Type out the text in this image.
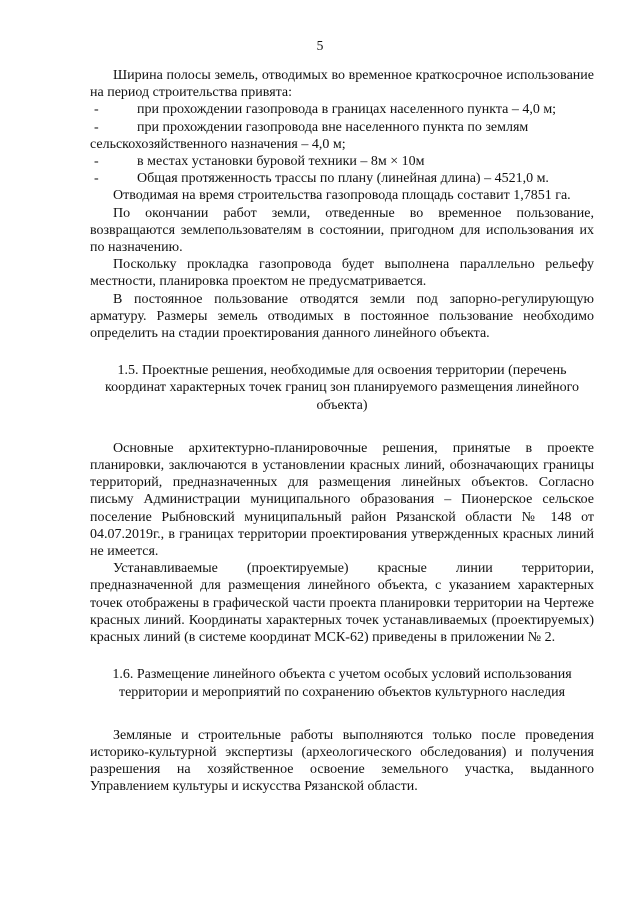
5

Ширина полосы земель, отводимых во временное краткосрочное использование на период строительства привята:

-	при прохождении газопровода в границах населенного пункта – 4,0 м;
-	при прохождении газопровода вне населенного пункта по землям

сельскохозяйственного назначения – 4,0 м;

-	в местах установки буровой техники – 8м × 10м
-	Общая протяженность трассы по плану (линейная длина) – 4521,0 м.

Отводимая на время строительства газопровода площадь составит 1,7851 га.

По окончании работ земли, отведенные во временное пользование, возвращаются землепользователям в состоянии, пригодном для использования их по назначению.

Поскольку прокладка газопровода будет выполнена параллельно рельефу местности, планировка проектом не предусматривается.

В постоянное пользование отводятся земли под запорно-регулирующую арматуру. Размеры земель отводимых в постоянное пользование необходимо определить на стадии проектирования данного линейного объекта.

1.5. Проектные решения, необходимые для освоения территории (перечень координат характерных точек границ зон планируемого размещения линейного объекта)

Основные архитектурно-планировочные решения, принятые в проекте планировки, заключаются в установлении красных линий, обозначающих границы территорий, предназначенных для размещения линейных объектов. Согласно письму Администрации муниципального образования – Пионерское сельское поселение Рыбновский муниципальный район Рязанской области № 148 от 04.07.2019г., в границах территории проектирования утвержденных красных линий не имеется.

Устанавливаемые (проектируемые) красные линии территории, предназначенной для размещения линейного объекта, с указанием характерных точек отображены в графической части проекта планировки территории на Чертеже красных линий. Координаты характерных точек устанавливаемых (проектируемых) красных линий (в системе координат МСК-62) приведены в приложении № 2.

1.6. Размещение линейного объекта с учетом особых условий использования территории и мероприятий по сохранению объектов культурного наследия

Земляные и строительные работы выполняются только после проведения историко-культурной экспертизы (археологического обследования) и получения разрешения на хозяйственное освоение земельного участка, выданного Управлением культуры и искусства Рязанской области.
